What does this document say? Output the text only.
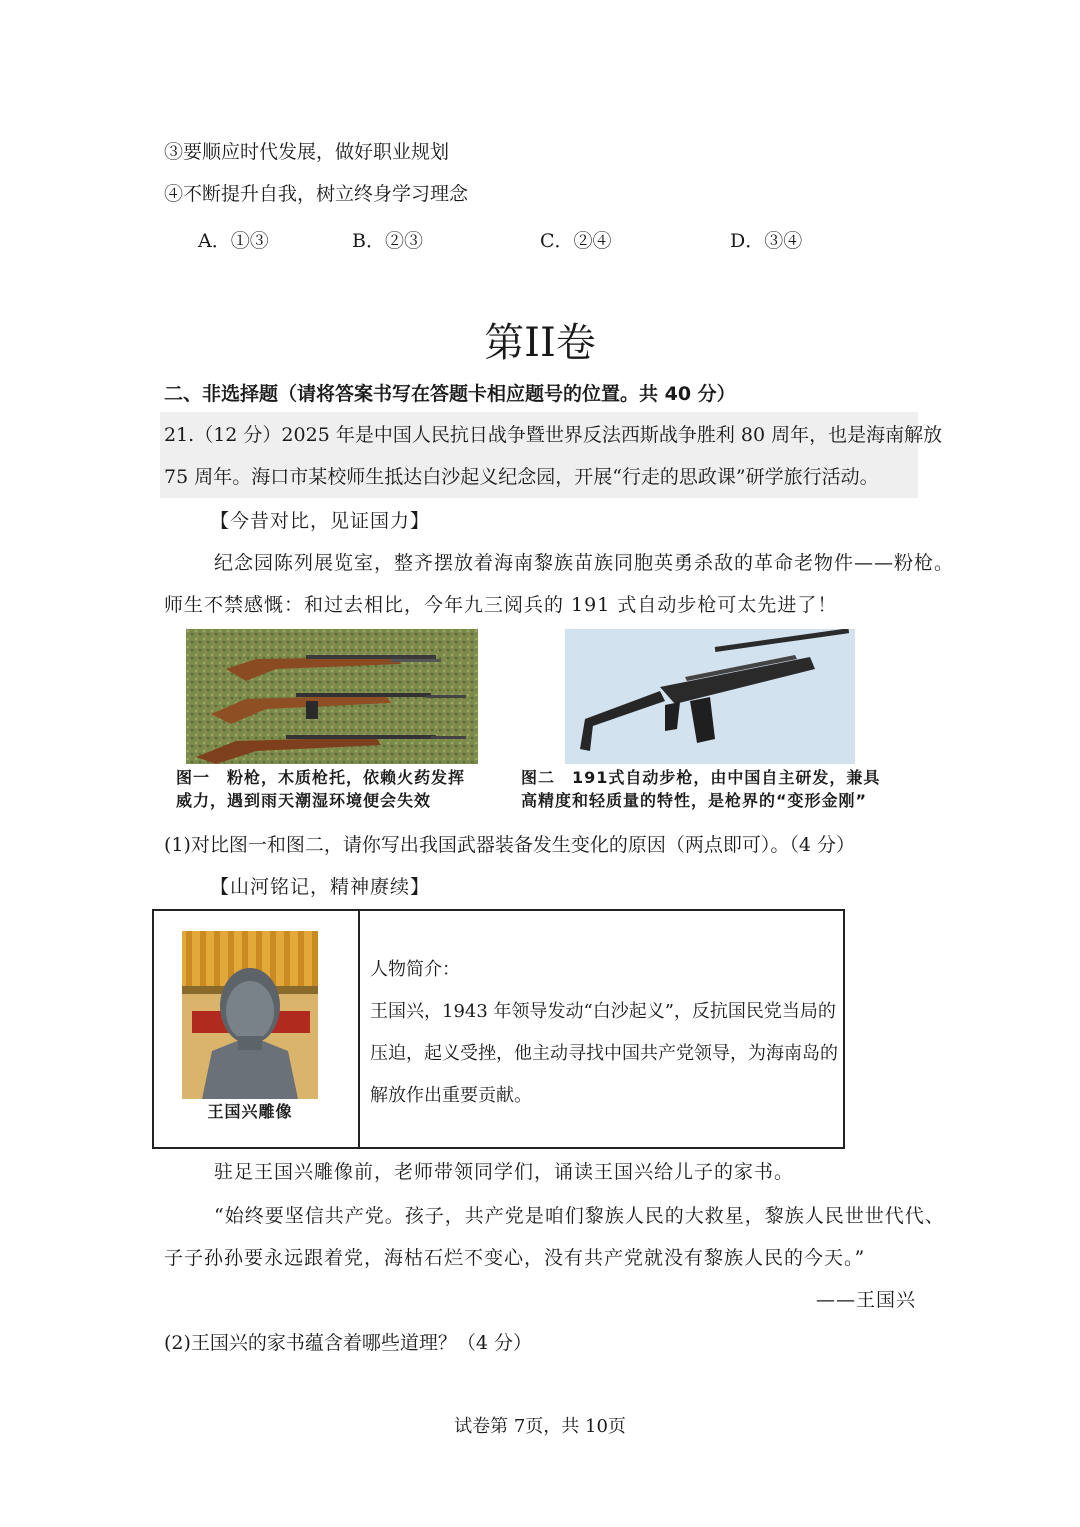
③要顺应时代发展，做好职业规划
④不断提升自我，树立终身学习理念
A．①③	B．②③	C．②④	D．③④
第II卷
二、非选择题（请将答案书写在答题卡相应题号的位置。共 40 分）
21.（12 分）2025 年是中国人民抗日战争暨世界反法西斯战争胜利 80 周年，也是海南解放
75 周年。海口市某校师生抵达白沙起义纪念园，开展“行走的思政课”研学旅行活动。
【今昔对比，见证国力】
纪念园陈列展览室，整齐摆放着海南黎族苗族同胞英勇杀敌的革命老物件——粉枪。
师生不禁感慨：和过去相比，今年九三阅兵的 191 式自动步枪可太先进了！
图一　粉枪，木质枪托，依赖火药发挥
威力，遇到雨天潮湿环境便会失效
图二　191式自动步枪，由中国自主研发，兼具
高精度和轻质量的特性，是枪界的“变形金刚”
(1)对比图一和图二，请你写出我国武器装备发生变化的原因（两点即可）。（4 分）
【山河铭记，精神赓续】
王国兴雕像
人物简介：
王国兴，1943 年领导发动“白沙起义”，反抗国民党当局的压迫，起义受挫，他主动寻找中国共产党领导，为海南岛的解放作出重要贡献。
驻足王国兴雕像前，老师带领同学们，诵读王国兴给儿子的家书。
“始终要坚信共产党。孩子，共产党是咱们黎族人民的大救星，黎族人民世世代代、
子子孙孙要永远跟着党，海枯石烂不变心，没有共产党就没有黎族人民的今天。”
——王国兴
(2)王国兴的家书蕴含着哪些道理？（4 分）
试卷第 7页，共 10页
